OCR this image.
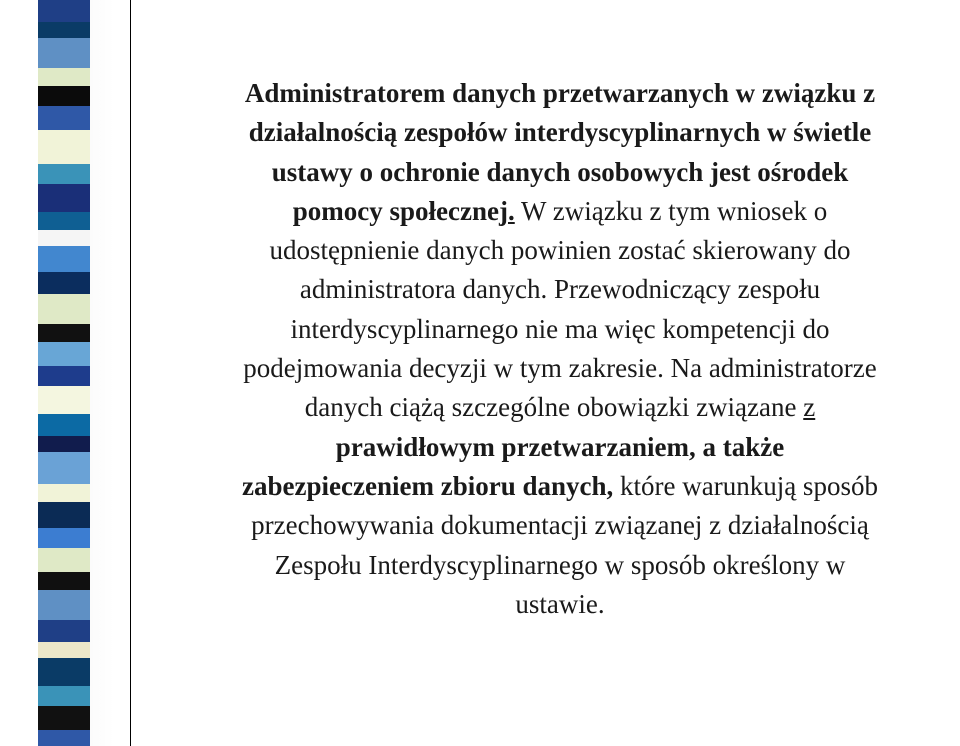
Administratorem danych przetwarzanych w związku z
działalnością zespołów interdyscyplinarnych w świetle
ustawy o ochronie danych osobowych jest ośrodek
pomocy społecznej. W związku z tym wniosek o
udostępnienie danych powinien zostać skierowany do
administratora danych. Przewodniczący zespołu
interdyscyplinarnego nie ma więc kompetencji do
podejmowania decyzji w tym zakresie. Na administratorze
danych ciążą szczególne obowiązki związane z
prawidłowym przetwarzaniem, a także
zabezpieczeniem zbioru danych, które warunkują sposób
przechowywania dokumentacji związanej z działalnością
Zespołu Interdyscyplinarnego w sposób określony w
ustawie.
